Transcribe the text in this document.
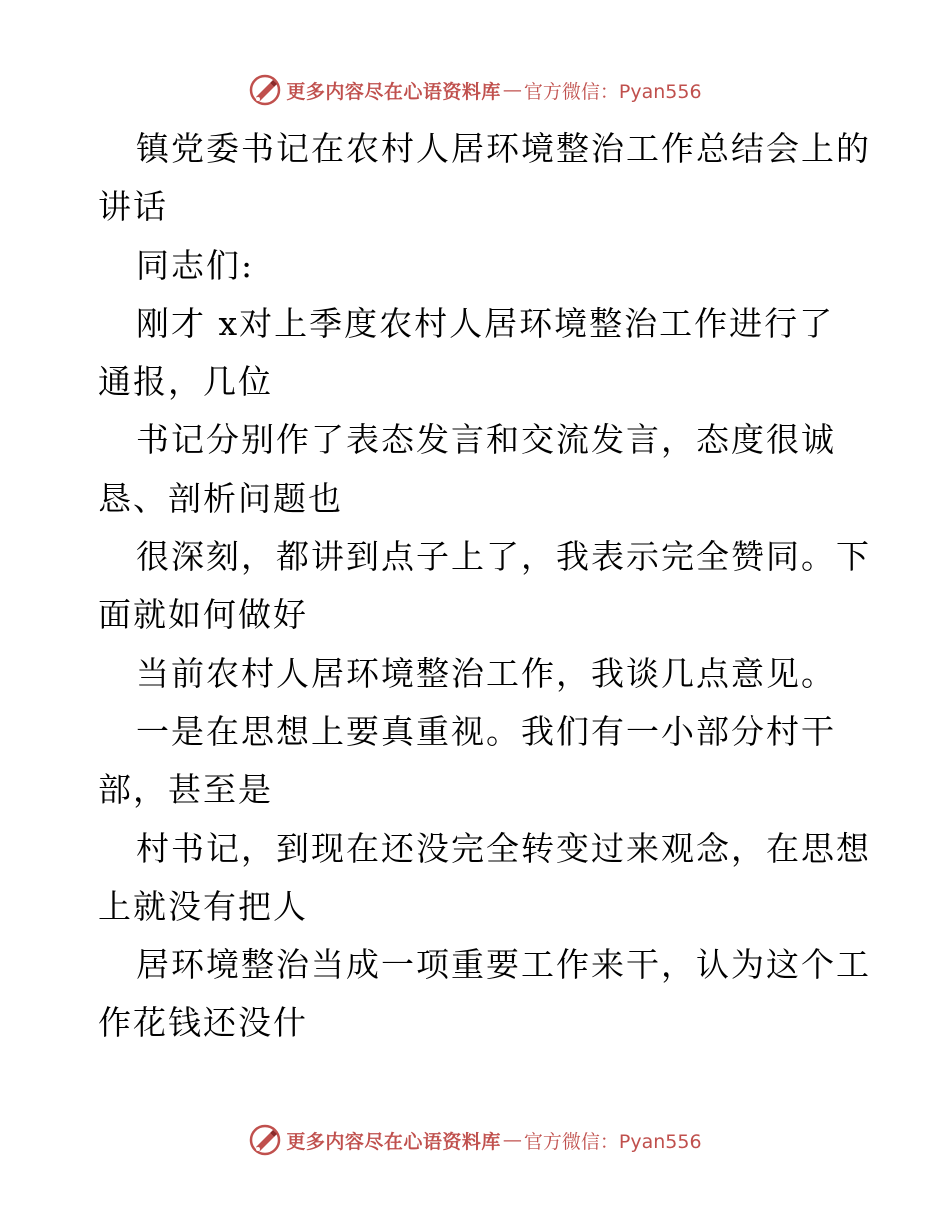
更多内容尽在心语资料库 — 官方微信：Pyan556
镇党委书记在农村人居环境整治工作总结会上的
讲话
同志们:
刚才 x对上季度农村人居环境整治工作进行了
通报，几位
书记分别作了表态发言和交流发言，态度很诚
恳、剖析问题也
很深刻，都讲到点子上了，我表示完全赞同。下
面就如何做好
当前农村人居环境整治工作，我谈几点意见。
一是在思想上要真重视。我们有一小部分村干
部，甚至是
村书记，到现在还没完全转变过来观念，在思想
上就没有把人
居环境整治当成一项重要工作来干，认为这个工
作花钱还没什
更多内容尽在心语资料库 — 官方微信：Pyan556
